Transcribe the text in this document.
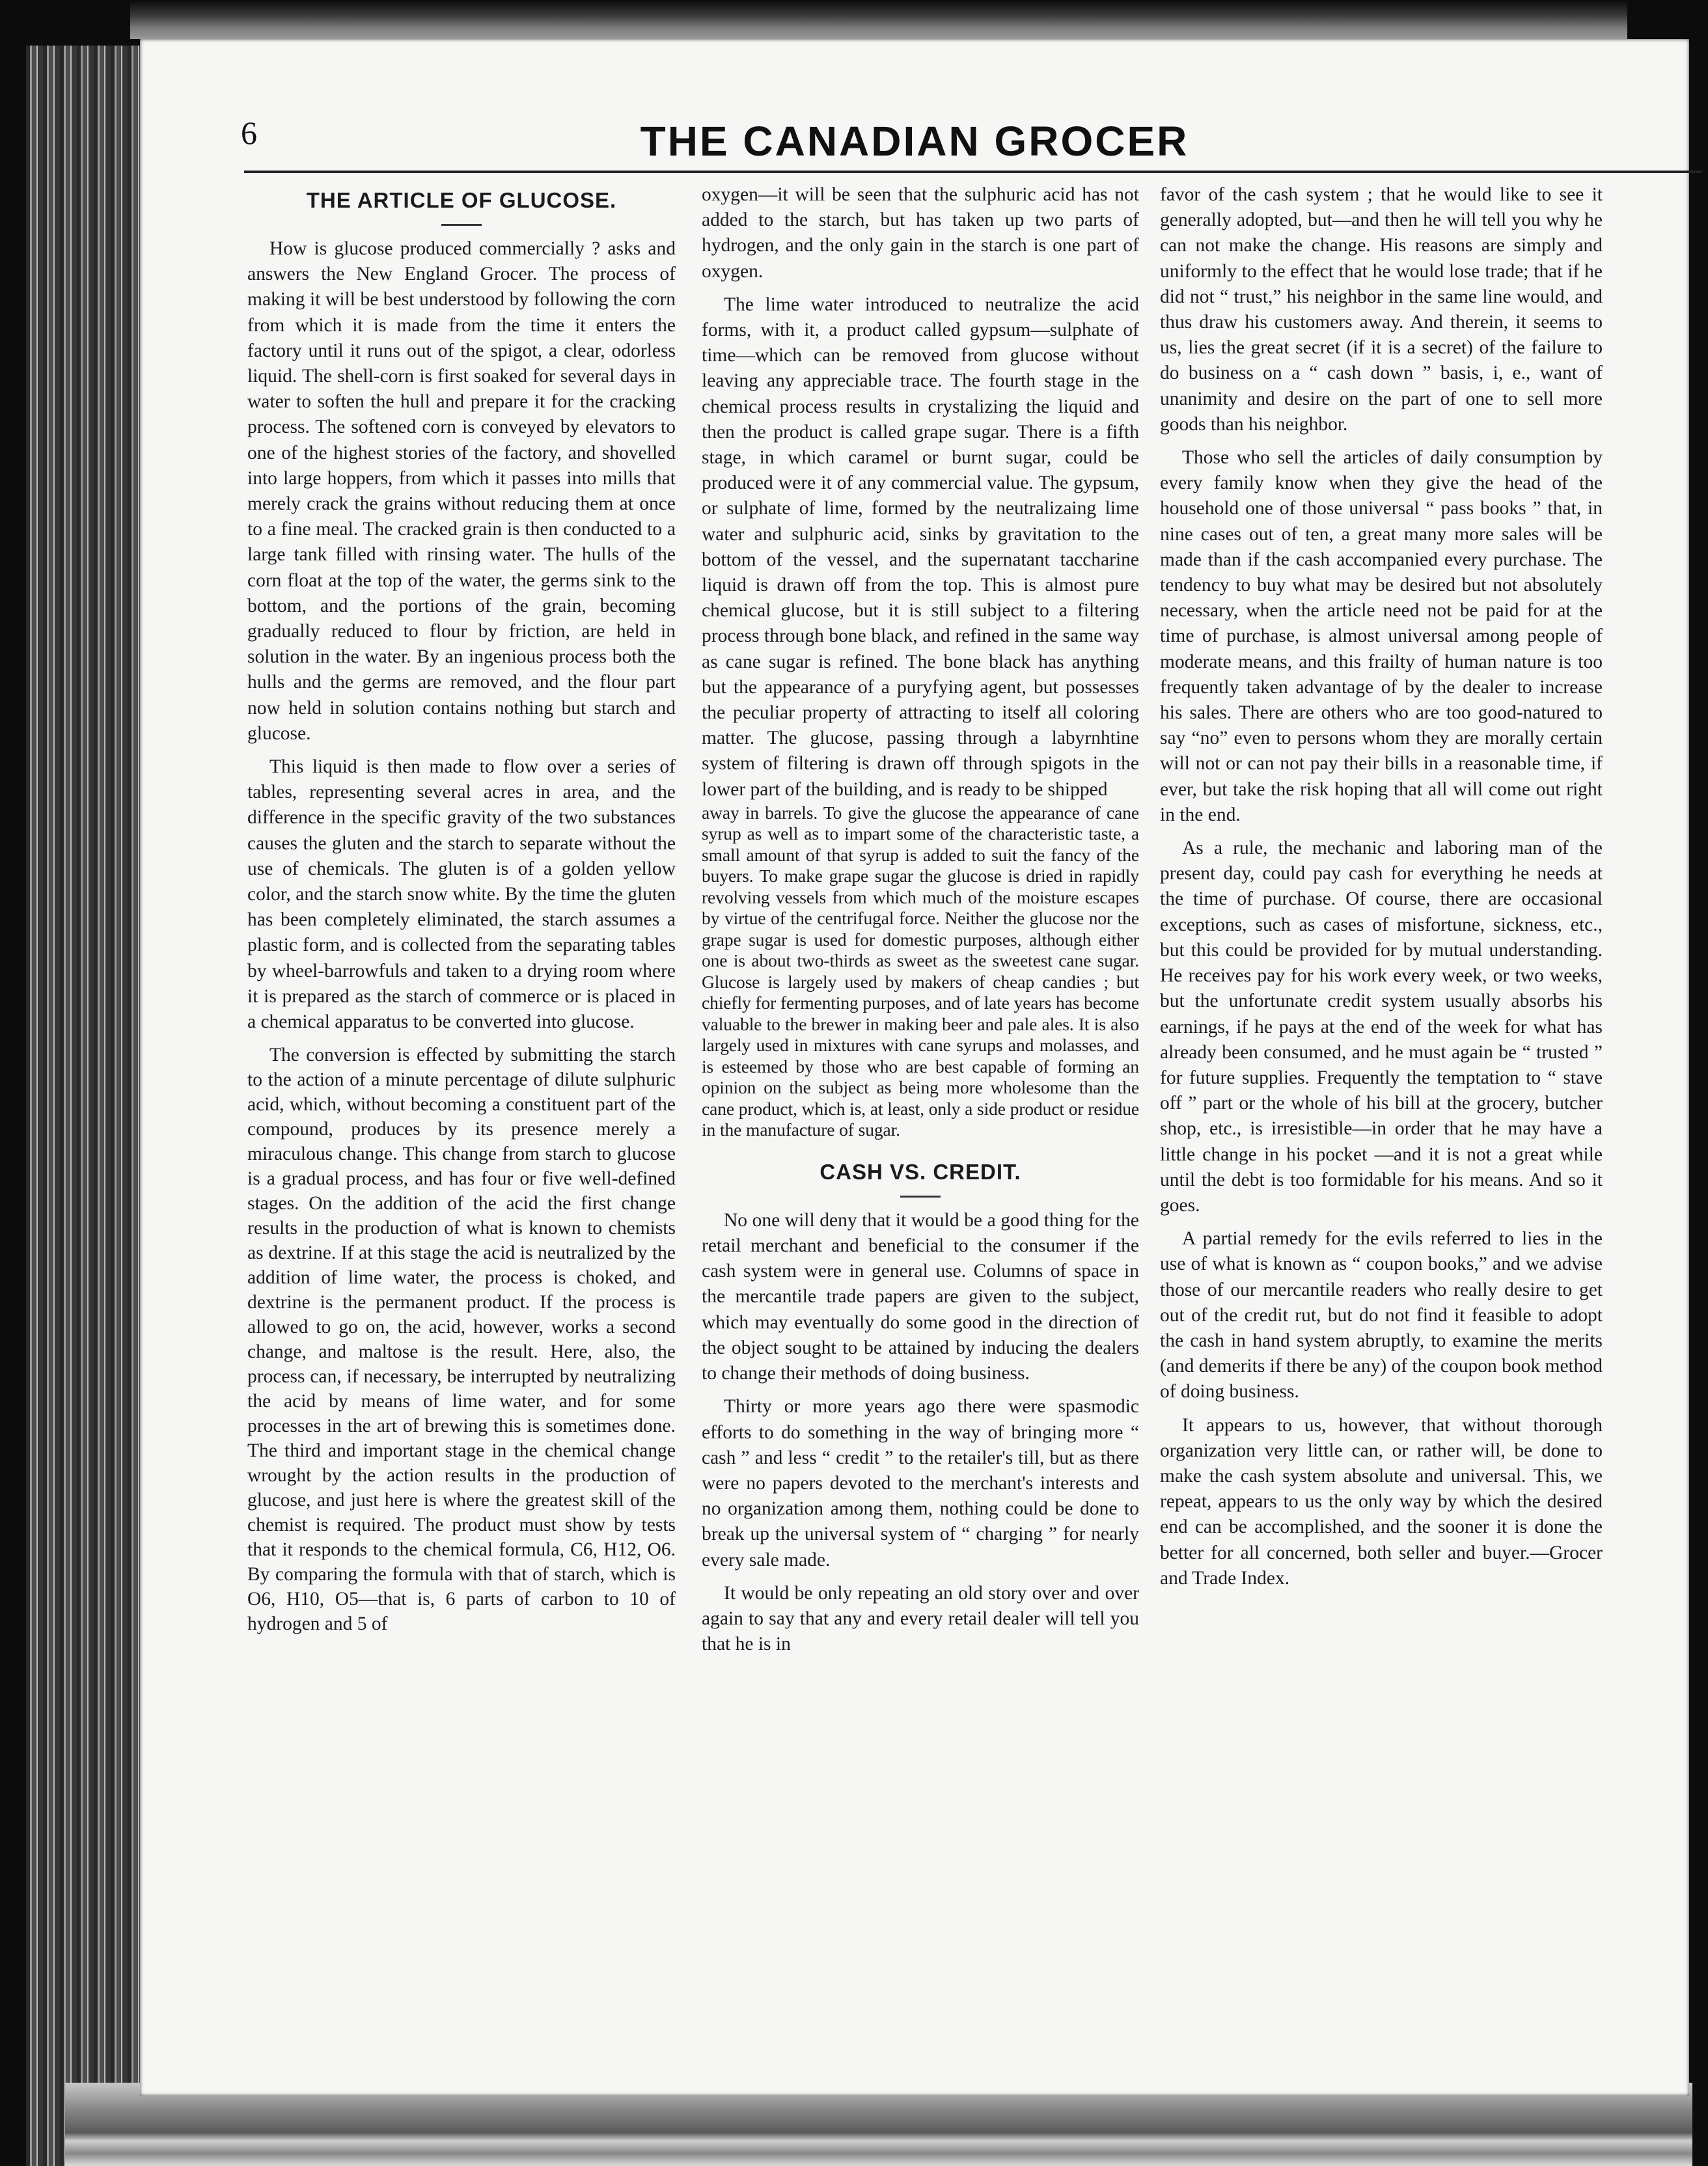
6	THE CANADIAN GROCER
THE ARTICLE OF GLUCOSE.

How is glucose produced commercially ? asks and answers the New England Grocer. The process of making it will be best understood by following the corn from which it is made from the time it enters the factory until it runs out of the spigot, a clear, odorless liquid. The shell-corn is first soaked for several days in water to soften the hull and prepare it for the cracking process. The softened corn is conveyed by elevators to one of the highest stories of the factory, and shovelled into large hoppers, from which it passes into mills that merely crack the grains without reducing them at once to a fine meal. The cracked grain is then conducted to a large tank filled with rinsing water. The hulls of the corn float at the top of the water, the germs sink to the bottom, and the portions of the grain, becoming gradually reduced to flour by friction, are held in solution in the water. By an ingenious process both the hulls and the germs are removed, and the flour part now held in solution contains nothing but starch and glucose.

This liquid is then made to flow over a series of tables, representing several acres in area, and the difference in the specific gravity of the two substances causes the gluten and the starch to separate without the use of chemicals. The gluten is of a golden yellow color, and the starch snow white. By the time the gluten has been completely eliminated, the starch assumes a plastic form, and is collected from the separating tables by wheel-barrowfuls and taken to a drying room where it is prepared as the starch of commerce or is placed in a chemical apparatus to be converted into glucose.

The conversion is effected by submitting the starch to the action of a minute percentage of dilute sulphuric acid, which, without becoming a constituent part of the compound, produces by its presence merely a miraculous change. This change from starch to glucose is a gradual process, and has four or five well-defined stages. On the addition of the acid the first change results in the production of what is known to chemists as dextrine. If at this stage the acid is neutralized by the addition of lime water, the process is choked, and dextrine is the permanent product. If the process is allowed to go on, the acid, however, works a second change, and maltose is the result. Here, also, the process can, if necessary, be interrupted by neutralizing the acid by means of lime water, and for some processes in the art of brewing this is sometimes done. The third and important stage in the chemical change wrought by the action results in the production of glucose, and just here is where the greatest skill of the chemist is required. The product must show by tests that it responds to the chemical formula, C6, H12, O6. By comparing the formula with that of starch, which is O6, H10, O5—that is, 6 parts of carbon to 10 of hydrogen and 5 of

oxygen—it will be seen that the sulphuric acid has not added to the starch, but has taken up two parts of hydrogen, and the only gain in the starch is one part of oxygen.

The lime water introduced to neutralize the acid forms, with it, a product called gypsum—sulphate of time—which can be removed from glucose without leaving any appreciable trace. The fourth stage in the chemical process results in crystalizing the liquid and then the product is called grape sugar. There is a fifth stage, in which caramel or burnt sugar, could be produced were it of any commercial value. The gypsum, or sulphate of lime, formed by the neutralizaing lime water and sulphuric acid, sinks by gravitation to the bottom of the vessel, and the supernatant taccharine liquid is drawn off from the top. This is almost pure chemical glucose, but it is still subject to a filtering process through bone black, and refined in the same way as cane sugar is refined. The bone black has anything but the appearance of a puryfying agent, but possesses the peculiar property of attracting to itself all coloring matter. The glucose, passing through a labyrnhtine system of filtering is drawn off through spigots in the lower part of the building, and is ready to be shipped

away in barrels. To give the glucose the appearance of cane syrup as well as to impart some of the characteristic taste, a small amount of that syrup is added to suit the fancy of the buyers. To make grape sugar the glucose is dried in rapidly revolving vessels from which much of the moisture escapes by virtue of the centrifugal force. Neither the glucose nor the grape sugar is used for domestic purposes, although either one is about two-thirds as sweet as the sweetest cane sugar. Glucose is largely used by makers of cheap candies ; but chiefly for fermenting purposes, and of late years has become valuable to the brewer in making beer and pale ales. It is also largely used in mixtures with cane syrups and molasses, and is esteemed by those who are best capable of forming an opinion on the subject as being more wholesome than the cane product, which is, at least, only a side product or residue in the manufacture of sugar.

CASH VS. CREDIT.

No one will deny that it would be a good thing for the retail merchant and beneficial to the consumer if the cash system were in general use. Columns of space in the mercantile trade papers are given to the subject, which may eventually do some good in the direction of the object sought to be attained by inducing the dealers to change their methods of doing business.

Thirty or more years ago there were spasmodic efforts to do something in the way of bringing more “ cash ” and less “ credit ” to the retailer's till, but as there were no papers devoted to the merchant's interests and no organization among them, nothing could be done to break up the universal system of “ charging ” for nearly every sale made.

It would be only repeating an old story over and over again to say that any and every retail dealer will tell you that he is in

favor of the cash system ; that he would like to see it generally adopted, but—and then he will tell you why he can not make the change. His reasons are simply and uniformly to the effect that he would lose trade; that if he did not “ trust,” his neighbor in the same line would, and thus draw his customers away. And therein, it seems to us, lies the great secret (if it is a secret) of the failure to do business on a “ cash down ” basis, i, e., want of unanimity and desire on the part of one to sell more goods than his neighbor.

Those who sell the articles of daily consumption by every family know when they give the head of the household one of those universal “ pass books ” that, in nine cases out of ten, a great many more sales will be made than if the cash accompanied every purchase. The tendency to buy what may be desired but not absolutely necessary, when the article need not be paid for at the time of purchase, is almost universal among people of moderate means, and this frailty of human nature is too frequently taken advantage of by the dealer to increase his sales. There are others who are too good-natured to say “no” even to persons whom they are morally certain will not or can not pay their bills in a reasonable time, if ever, but take the risk hoping that all will come out right in the end.

As a rule, the mechanic and laboring man of the present day, could pay cash for everything he needs at the time of purchase. Of course, there are occasional exceptions, such as cases of misfortune, sickness, etc., but this could be provided for by mutual understanding. He receives pay for his work every week, or two weeks, but the unfortunate credit system usually absorbs his earnings, if he pays at the end of the week for what has already been consumed, and he must again be “ trusted ” for future supplies. Frequently the temptation to “ stave off ” part or the whole of his bill at the grocery, butcher shop, etc., is irresistible—in order that he may have a little change in his pocket —and it is not a great while until the debt is too formidable for his means. And so it goes.

A partial remedy for the evils referred to lies in the use of what is known as “ coupon books,” and we advise those of our mercantile readers who really desire to get out of the credit rut, but do not find it feasible to adopt the cash in hand system abruptly, to examine the merits (and demerits if there be any) of the coupon book method of doing business.

It appears to us, however, that without thorough organization very little can, or rather will, be done to make the cash system absolute and universal. This, we repeat, appears to us the only way by which the desired end can be accomplished, and the sooner it is done the better for all concerned, both seller and buyer.—Grocer and Trade Index.
